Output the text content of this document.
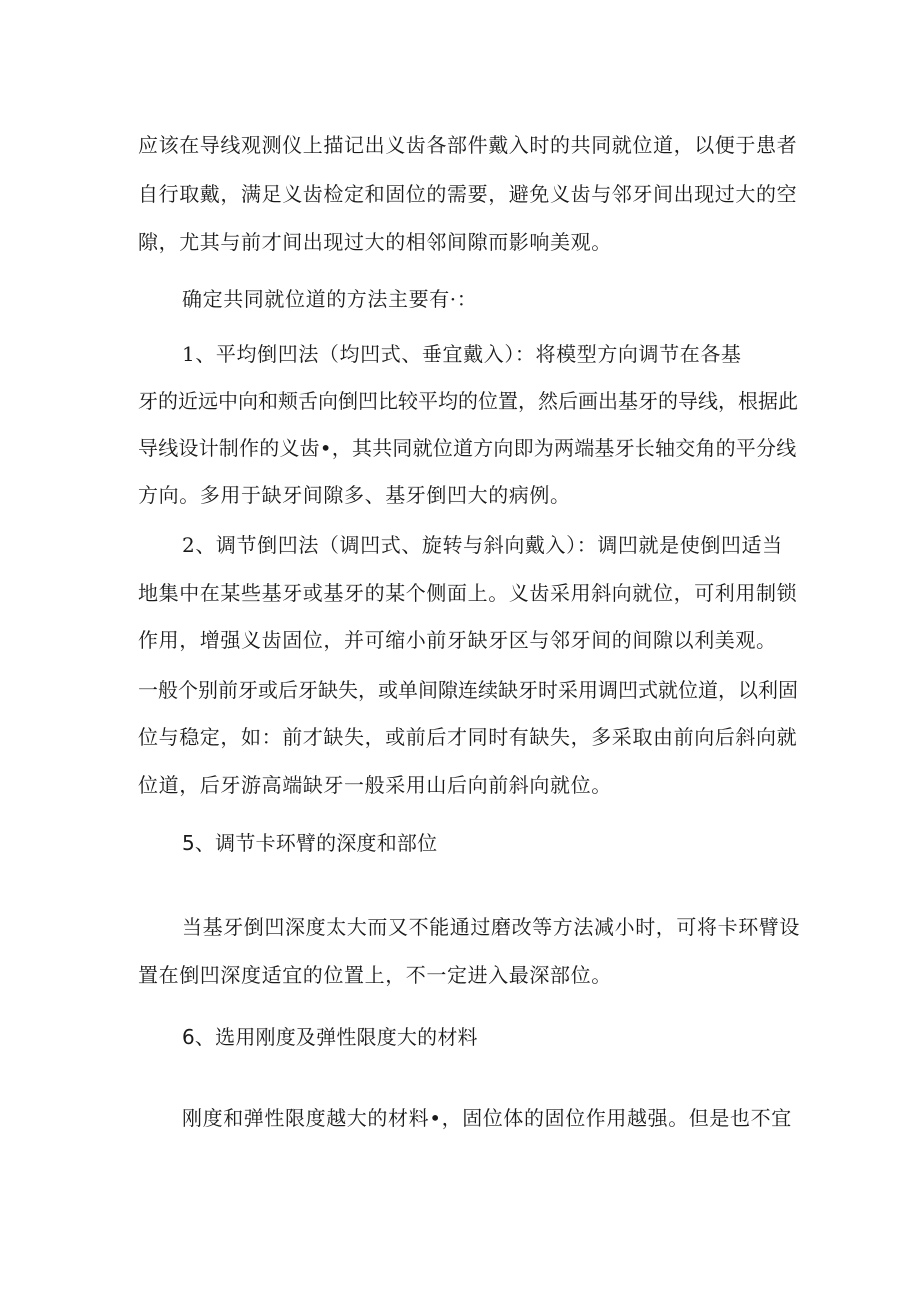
应该在导线观测仪上描记出义齿各部件戴入时的共同就位道，以便于患者
自行取戴，满足义齿检定和固位的需要，避免义齿与邻牙间出现过大的空
隙，尤其与前才间出现过大的相邻间隙而影响美观。
确定共同就位道的方法主要有·：
1、平均倒凹法（均凹式、垂宜戴入）：将模型方向调节在各基
牙的近远中向和颊舌向倒凹比较平均的位置，然后画出基牙的导线，根据此
导线设计制作的义齿•，其共同就位道方向即为两端基牙长轴交角的平分线
方向。多用于缺牙间隙多、基牙倒凹大的病例。
2、调节倒凹法（调凹式、旋转与斜向戴入）：调凹就是使倒凹适当
地集中在某些基牙或基牙的某个侧面上。义齿采用斜向就位，可利用制锁
作用，增强义齿固位，并可缩小前牙缺牙区与邻牙间的间隙以利美观。
一般个别前牙或后牙缺失，或单间隙连续缺牙时采用调凹式就位道，以利固
位与稳定，如：前才缺失，或前后才同时有缺失，多采取由前向后斜向就
位道，后牙游高端缺牙一般采用山后向前斜向就位。
5、调节卡环臂的深度和部位
当基牙倒凹深度太大而又不能通过磨改等方法减小时，可将卡环臂设
置在倒凹深度适宜的位置上，不一定进入最深部位。
6、选用刚度及弹性限度大的材料
刚度和弹性限度越大的材料•，固位体的固位作用越强。但是也不宜
